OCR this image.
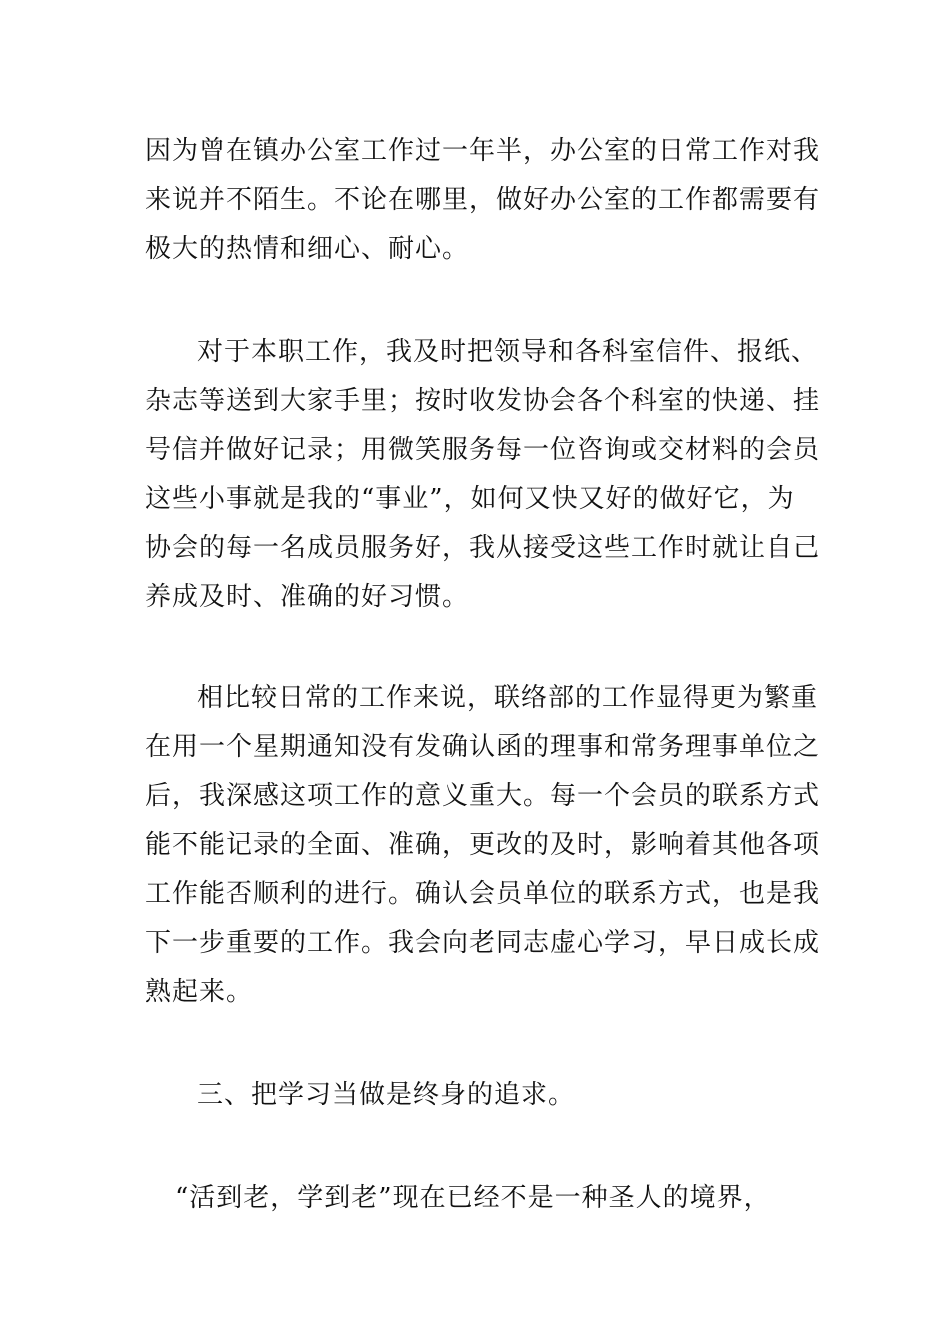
因为曾在镇办公室工作过一年半，办公室的日常工作对我
来说并不陌生。不论在哪里，做好办公室的工作都需要有
极大的热情和细心、耐心。
对于本职工作，我及时把领导和各科室信件、报纸、
杂志等送到大家手里；按时收发协会各个科室的快递、挂
号信并做好记录；用微笑服务每一位咨询或交材料的会员
这些小事就是我的“事业”，如何又快又好的做好它，为
协会的每一名成员服务好，我从接受这些工作时就让自己
养成及时、准确的好习惯。
相比较日常的工作来说，联络部的工作显得更为繁重
在用一个星期通知没有发确认函的理事和常务理事单位之
后，我深感这项工作的意义重大。每一个会员的联系方式
能不能记录的全面、准确，更改的及时，影响着其他各项
工作能否顺利的进行。确认会员单位的联系方式，也是我
下一步重要的工作。我会向老同志虚心学习，早日成长成
熟起来。
三、把学习当做是终身的追求。
“活到老，学到老”现在已经不是一种圣人的境界，
